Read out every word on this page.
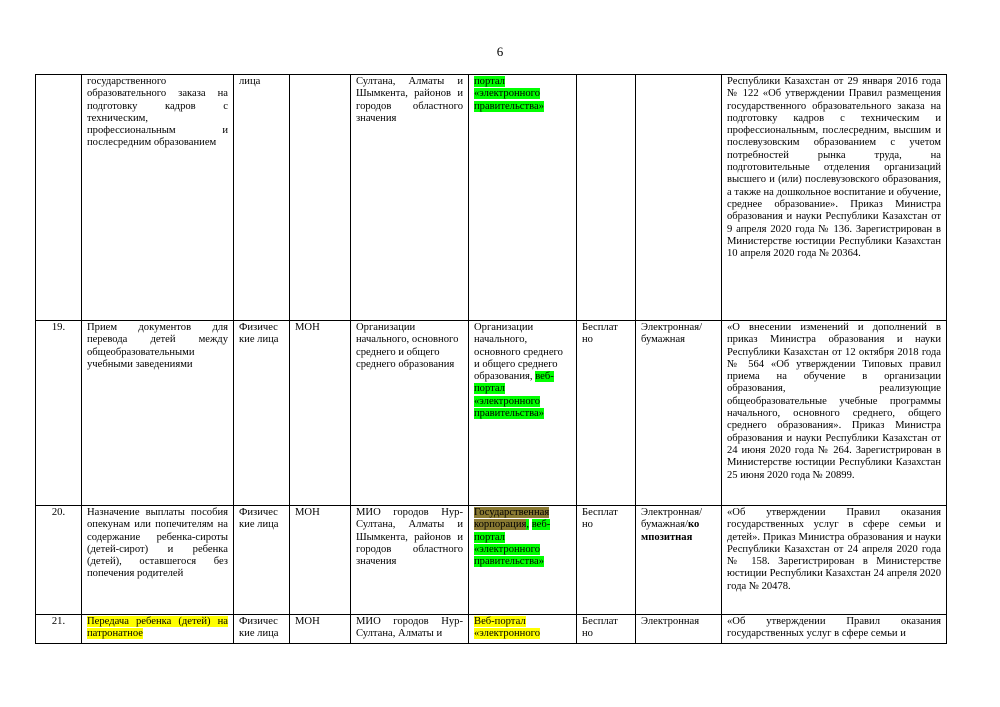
6
	государственного образовательного заказа на подготовку кадров с техническим, профессиональным и послесредним образованием	лица		Султана, Алматы и Шымкента, районов и городов областного значения	портал «электронного правительства»			Республики Казахстан от 29 января 2016 года № 122 «Об утверждении Правил размещения государственного образовательного заказа на подготовку кадров с техническим и профессиональным, послесредним, высшим и послевузовским образованием с учетом потребностей рынка труда, на подготовительные отделения организаций высшего и (или) послевузовского образования, а также на дошкольное воспитание и обучение, среднее образование». Приказ Министра образования и науки Республики Казахстан от 9 апреля 2020 года № 136. Зарегистрирован в Министерстве юстиции Республики Казахстан 10 апреля 2020 года № 20364.
19.	Прием документов для перевода детей между общеобразовательными учебными заведениями	Физичес кие лица	МОН	Организации начального, основного среднего и общего среднего образования	Организации начального, основного среднего и общего среднего образования, веб-портал «электронного правительства»	Бесплат но	Электронная/ бумажная	«О внесении изменений и дополнений в приказ Министра образования и науки Республики Казахстан от 12 октября 2018 года № 564 «Об утверждении Типовых правил приема на обучение в организации образования, реализующие общеобразовательные учебные программы начального, основного среднего, общего среднего образования». Приказ Министра образования и науки Республики Казахстан от 24 июня 2020 года № 264. Зарегистрирован в Министерстве юстиции Республики Казахстан 25 июня 2020 года № 20899.
20.	Назначение выплаты пособия опекунам или попечителям на содержание ребенка-сироты (детей-сирот) и ребенка (детей), оставшегося без попечения родителей	Физичес кие лица	МОН	МИО городов Нур-Султана, Алматы и Шымкента, районов и городов областного значения	Государственная корпорация, веб-портал «электронного правительства»	Бесплат но	Электронная/ бумажная/ко мпозитная	«Об утверждении Правил оказания государственных услуг в сфере семьи и детей». Приказ Министра образования и науки Республики Казахстан от 24 апреля 2020 года № 158. Зарегистрирован в Министерстве юстиции Республики Казахстан 24 апреля 2020 года № 20478.
21.	Передача ребенка (детей) на патронатное	Физичес кие лица	МОН	МИО городов Нур-Султана, Алматы и	Веб-портал «электронного	Бесплат но	Электронная	«Об утверждении Правил оказания государственных услуг в сфере семьи и
